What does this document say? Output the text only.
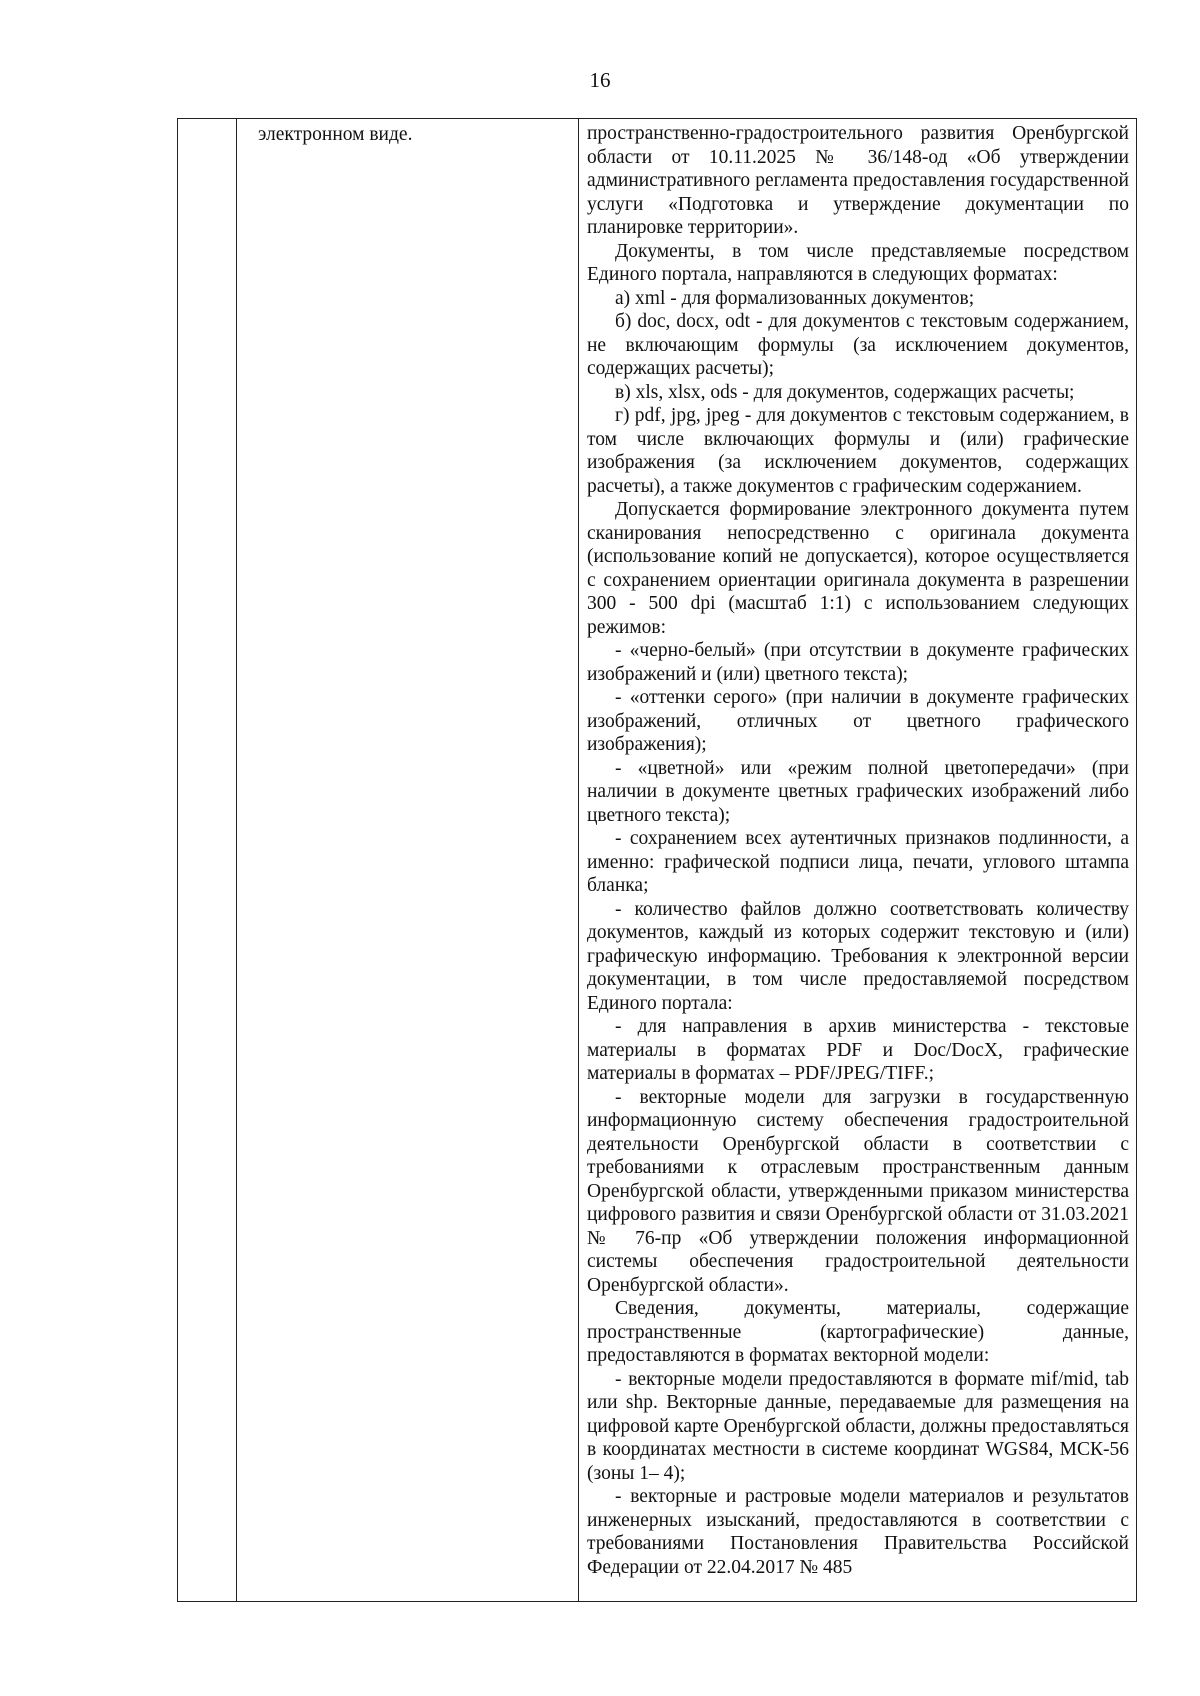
16
электронном виде.	пространственно-градостроительного развития Оренбургской области от 10.11.2025 № 36/148-од «Об утверждении административного регламента предоставления государственной услуги «Подготовка и утверждение документации по планировке территории».

Документы, в том числе представляемые посредством Единого портала, направляются в следующих форматах:

а) xml - для формализованных документов;

б) doc, docx, odt - для документов с текстовым содержанием, не включающим формулы (за исключением документов, содержащих расчеты);

в) xls, xlsx, ods - для документов, содержащих расчеты;

г) pdf, jpg, jpeg - для документов с текстовым содержанием, в том числе включающих формулы и (или) графические изображения (за исключением документов, содержащих расчеты), а также документов с графическим содержанием.

Допускается формирование электронного документа путем сканирования непосредственно с оригинала документа (использование копий не допускается), которое осуществляется с сохранением ориентации оригинала документа в разрешении 300 - 500 dpi (масштаб 1:1) с использованием следующих режимов:

- «черно-белый» (при отсутствии в документе графических изображений и (или) цветного текста);

- «оттенки серого» (при наличии в документе графических изображений, отличных от цветного графического изображения);

- «цветной» или «режим полной цветопередачи» (при наличии в документе цветных графических изображений либо цветного текста);

- сохранением всех аутентичных признаков подлинности, а именно: графической подписи лица, печати, углового штампа бланка;

- количество файлов должно соответствовать количеству документов, каждый из которых содержит текстовую и (или) графическую информацию. Требования к электронной версии документации, в том числе предоставляемой посредством Единого портала:

- для направления в архив министерства - текстовые материалы в форматах PDF и Doc/DocX, графические материалы в форматах – PDF/JPEG/TIFF.;

- векторные модели для загрузки в государственную информационную систему обеспечения градостроительной деятельности Оренбургской области в соответствии с требованиями к отраслевым пространственным данным Оренбургской области, утвержденными приказом министерства цифрового развития и связи Оренбургской области от 31.03.2021 № 76-пр «Об утверждении положения информационной системы обеспечения градостроительной деятельности Оренбургской области».

Сведения, документы, материалы, содержащие пространственные (картографические) данные, предоставляются в форматах векторной модели:

- векторные модели предоставляются в формате mif/mid, tab или shp. Векторные данные, передаваемые для размещения на цифровой карте Оренбургской области, должны предоставляться в координатах местности в системе координат WGS84, МСК-56 (зоны 1– 4);

- векторные и растровые модели материалов и результатов инженерных изысканий, предоставляются в соответствии с требованиями Постановления Правительства Российской Федерации от 22.04.2017 № 485
